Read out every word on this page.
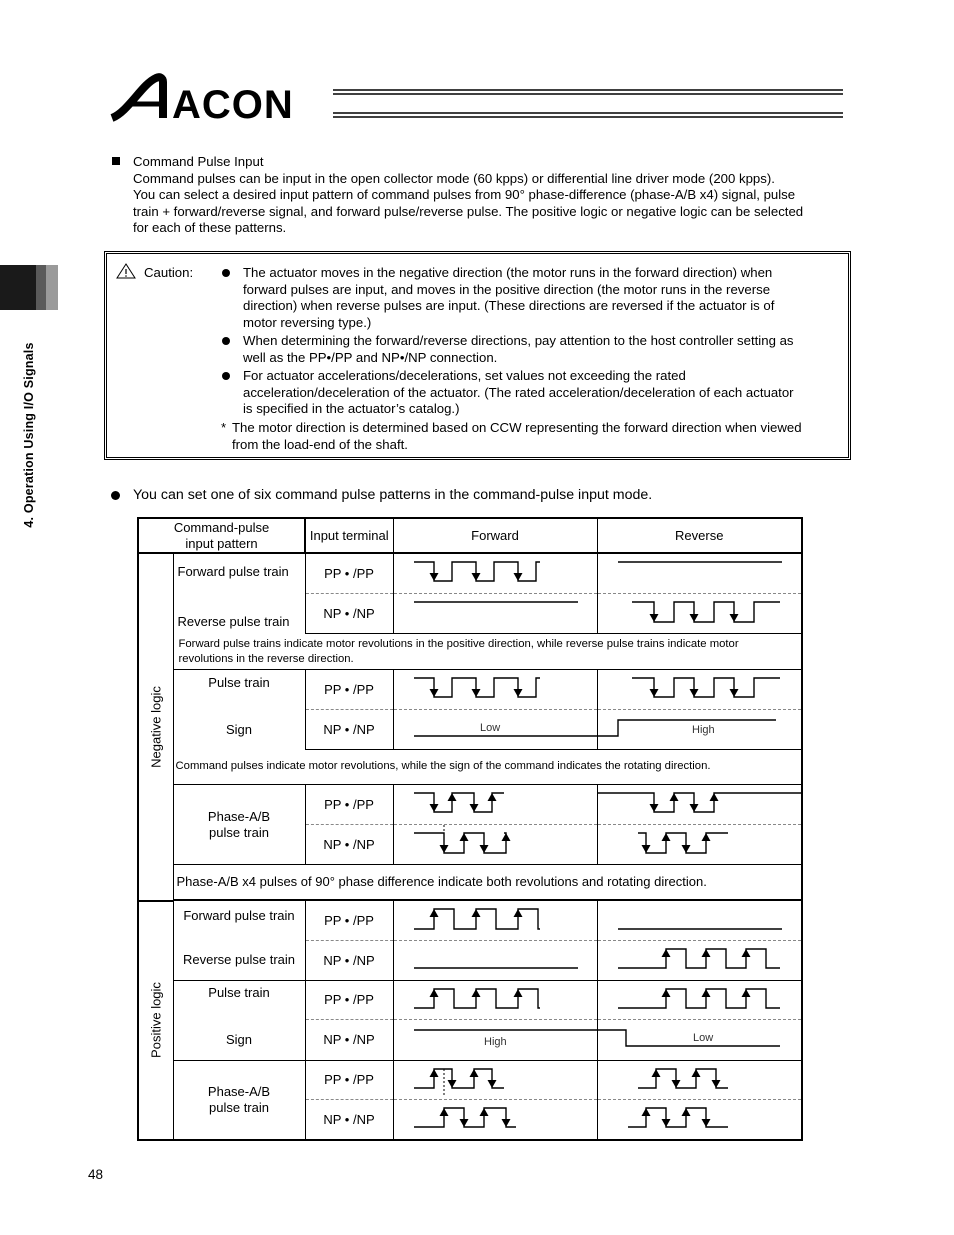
ACON
4. Operation Using I/O Signals
Command Pulse Input
Command pulses can be input in the open collector mode (60 kpps) or differential line driver mode (200 kpps).
You can select a desired input pattern of command pulses from 90° phase-difference (phase-A/B x4) signal, pulse
train + forward/reverse signal, and forward pulse/reverse pulse. The positive logic or negative logic can be selected
for each of these patterns.
Caution:	The actuator moves in the negative direction (the motor runs in the forward direction) when
forward pulses are input, and moves in the positive direction (the motor runs in the reverse
direction) when reverse pulses are input. (These directions are reversed if the actuator is of
motor reversing type.)
When determining the forward/reverse directions, pay attention to the host controller setting as
well as the PP•/PP and NP•/NP connection.
For actuator accelerations/decelerations, set values not exceeding the rated
acceleration/deceleration of the actuator. (The rated acceleration/deceleration of each actuator
is specified in the actuator’s catalog.)
* The motor direction is determined based on CCW representing the forward direction when viewed
from the load-end of the shaft.
You can set one of six command pulse patterns in the command-pulse input mode.
Command-pulse
input pattern		Input terminal	Forward	Reverse

Negative logic	Forward pulse train	PP • /PP		
	Reverse pulse train	NP • /NP		

	Forward pulse trains indicate motor revolutions in the positive direction, while reverse pulse trains indicate motor
revolutions in the reverse direction.			

	Pulse train	PP • /PP		
	Sign	NP • /NP	Low	High

	Command pulses indicate motor revolutions, while the sign of the command indicates the rotating direction.			

	Phase-A/B
pulse train	PP • /PP		
		NP • /NP		
	Phase-A/B x4 pulses of 90° phase difference indicate both revolutions and rotating direction.			

Positive logic	Forward pulse train	PP • /PP		
	Reverse pulse train	NP • /NP		
	Pulse train	PP • /PP		
	Sign	NP • /NP	High	Low

	Phase-A/B
pulse train	PP • /PP		
		NP • /NP		
48
